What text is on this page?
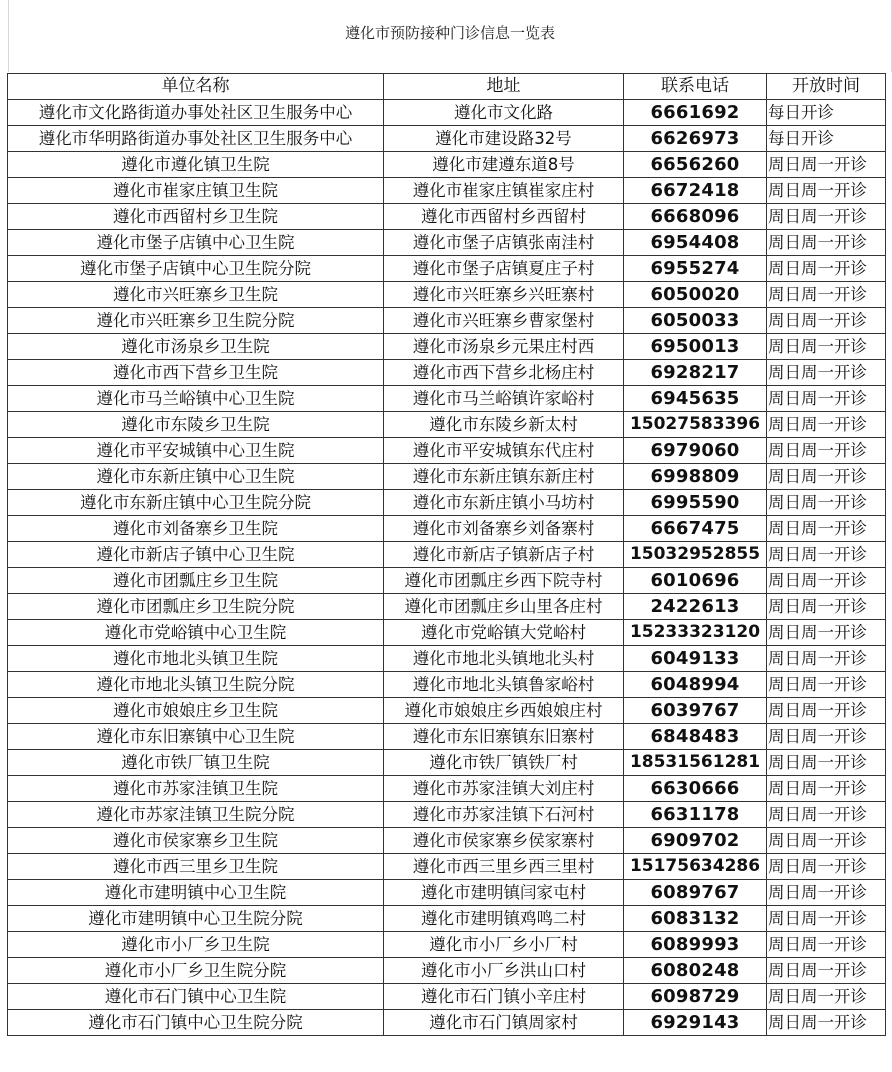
遵化市预防接种门诊信息一览表
单位名称	地址	联系电话	开放时间
遵化市文化路街道办事处社区卫生服务中心	遵化市文化路	6661692	每日开诊
遵化市华明路街道办事处社区卫生服务中心	遵化市建设路32号	6626973	每日开诊
遵化市遵化镇卫生院	遵化市建遵东道8号	6656260	周日周一开诊
遵化市崔家庄镇卫生院	遵化市崔家庄镇崔家庄村	6672418	周日周一开诊
遵化市西留村乡卫生院	遵化市西留村乡西留村	6668096	周日周一开诊
遵化市堡子店镇中心卫生院	遵化市堡子店镇张南洼村	6954408	周日周一开诊
遵化市堡子店镇中心卫生院分院	遵化市堡子店镇夏庄子村	6955274	周日周一开诊
遵化市兴旺寨乡卫生院	遵化市兴旺寨乡兴旺寨村	6050020	周日周一开诊
遵化市兴旺寨乡卫生院分院	遵化市兴旺寨乡曹家堡村	6050033	周日周一开诊
遵化市汤泉乡卫生院	遵化市汤泉乡元果庄村西	6950013	周日周一开诊
遵化市西下营乡卫生院	遵化市西下营乡北杨庄村	6928217	周日周一开诊
遵化市马兰峪镇中心卫生院	遵化市马兰峪镇许家峪村	6945635	周日周一开诊
遵化市东陵乡卫生院	遵化市东陵乡新太村	15027583396	周日周一开诊
遵化市平安城镇中心卫生院	遵化市平安城镇东代庄村	6979060	周日周一开诊
遵化市东新庄镇中心卫生院	遵化市东新庄镇东新庄村	6998809	周日周一开诊
遵化市东新庄镇中心卫生院分院	遵化市东新庄镇小马坊村	6995590	周日周一开诊
遵化市刘备寨乡卫生院	遵化市刘备寨乡刘备寨村	6667475	周日周一开诊
遵化市新店子镇中心卫生院	遵化市新店子镇新店子村	15032952855	周日周一开诊
遵化市团瓢庄乡卫生院	遵化市团瓢庄乡西下院寺村	6010696	周日周一开诊
遵化市团瓢庄乡卫生院分院	遵化市团瓢庄乡山里各庄村	2422613	周日周一开诊
遵化市党峪镇中心卫生院	遵化市党峪镇大党峪村	15233323120	周日周一开诊
遵化市地北头镇卫生院	遵化市地北头镇地北头村	6049133	周日周一开诊
遵化市地北头镇卫生院分院	遵化市地北头镇鲁家峪村	6048994	周日周一开诊
遵化市娘娘庄乡卫生院	遵化市娘娘庄乡西娘娘庄村	6039767	周日周一开诊
遵化市东旧寨镇中心卫生院	遵化市东旧寨镇东旧寨村	6848483	周日周一开诊
遵化市铁厂镇卫生院	遵化市铁厂镇铁厂村	18531561281	周日周一开诊
遵化市苏家洼镇卫生院	遵化市苏家洼镇大刘庄村	6630666	周日周一开诊
遵化市苏家洼镇卫生院分院	遵化市苏家洼镇下石河村	6631178	周日周一开诊
遵化市侯家寨乡卫生院	遵化市侯家寨乡侯家寨村	6909702	周日周一开诊
遵化市西三里乡卫生院	遵化市西三里乡西三里村	15175634286	周日周一开诊
遵化市建明镇中心卫生院	遵化市建明镇闫家屯村	6089767	周日周一开诊
遵化市建明镇中心卫生院分院	遵化市建明镇鸡鸣二村	6083132	周日周一开诊
遵化市小厂乡卫生院	遵化市小厂乡小厂村	6089993	周日周一开诊
遵化市小厂乡卫生院分院	遵化市小厂乡洪山口村	6080248	周日周一开诊
遵化市石门镇中心卫生院	遵化市石门镇小辛庄村	6098729	周日周一开诊
遵化市石门镇中心卫生院分院	遵化市石门镇周家村	6929143	周日周一开诊
